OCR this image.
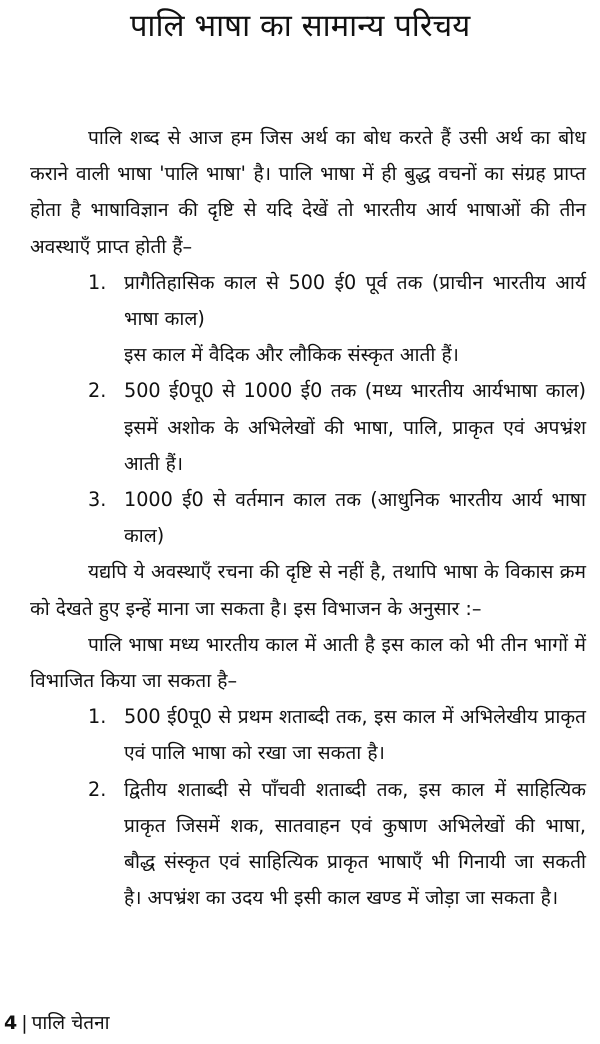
पालि भाषा का सामान्य परिचय

पालि शब्द से आज हम जिस अर्थ का बोध करते हैं उसी अर्थ का बोध कराने वाली भाषा 'पालि भाषा' है। पालि भाषा में ही बुद्ध वचनों का संग्रह प्राप्त होता है भाषाविज्ञान की दृष्टि से यदि देखें तो भारतीय आर्य भाषाओं की तीन अवस्थाएँ प्राप्त होती हैं–

1. प्रागैतिहासिक काल से 500 ई0 पूर्व तक (प्राचीन भारतीय आर्य भाषा काल)
इस काल में वैदिक और लौकिक संस्कृत आती हैं।
2. 500 ई0पू0 से 1000 ई0 तक (मध्य भारतीय आर्यभाषा काल) इसमें अशोक के अभिलेखों की भाषा, पालि, प्राकृत एवं अपभ्रंश आती हैं।
3. 1000 ई0 से वर्तमान काल तक (आधुनिक भारतीय आर्य भाषा काल)

यद्यपि ये अवस्थाएँ रचना की दृष्टि से नहीं है, तथापि भाषा के विकास क्रम को देखते हुए इन्हें माना जा सकता है। इस विभाजन के अनुसार :–

पालि भाषा मध्य भारतीय काल में आती है इस काल को भी तीन भागों में विभाजित किया जा सकता है–

1. 500 ई0पू0 से प्रथम शताब्दी तक, इस काल में अभिलेखीय प्राकृत एवं पालि भाषा को रखा जा सकता है।
2. द्वितीय शताब्दी से पाँचवी शताब्दी तक, इस काल में साहित्यिक प्राकृत जिसमें शक, सातवाहन एवं कुषाण अभिलेखों की भाषा, बौद्ध संस्कृत एवं साहित्यिक प्राकृत भाषाएँ भी गिनायी जा सकती है। अपभ्रंश का उदय भी इसी काल खण्ड में जोड़ा जा सकता है।
4 | पालि चेतना
